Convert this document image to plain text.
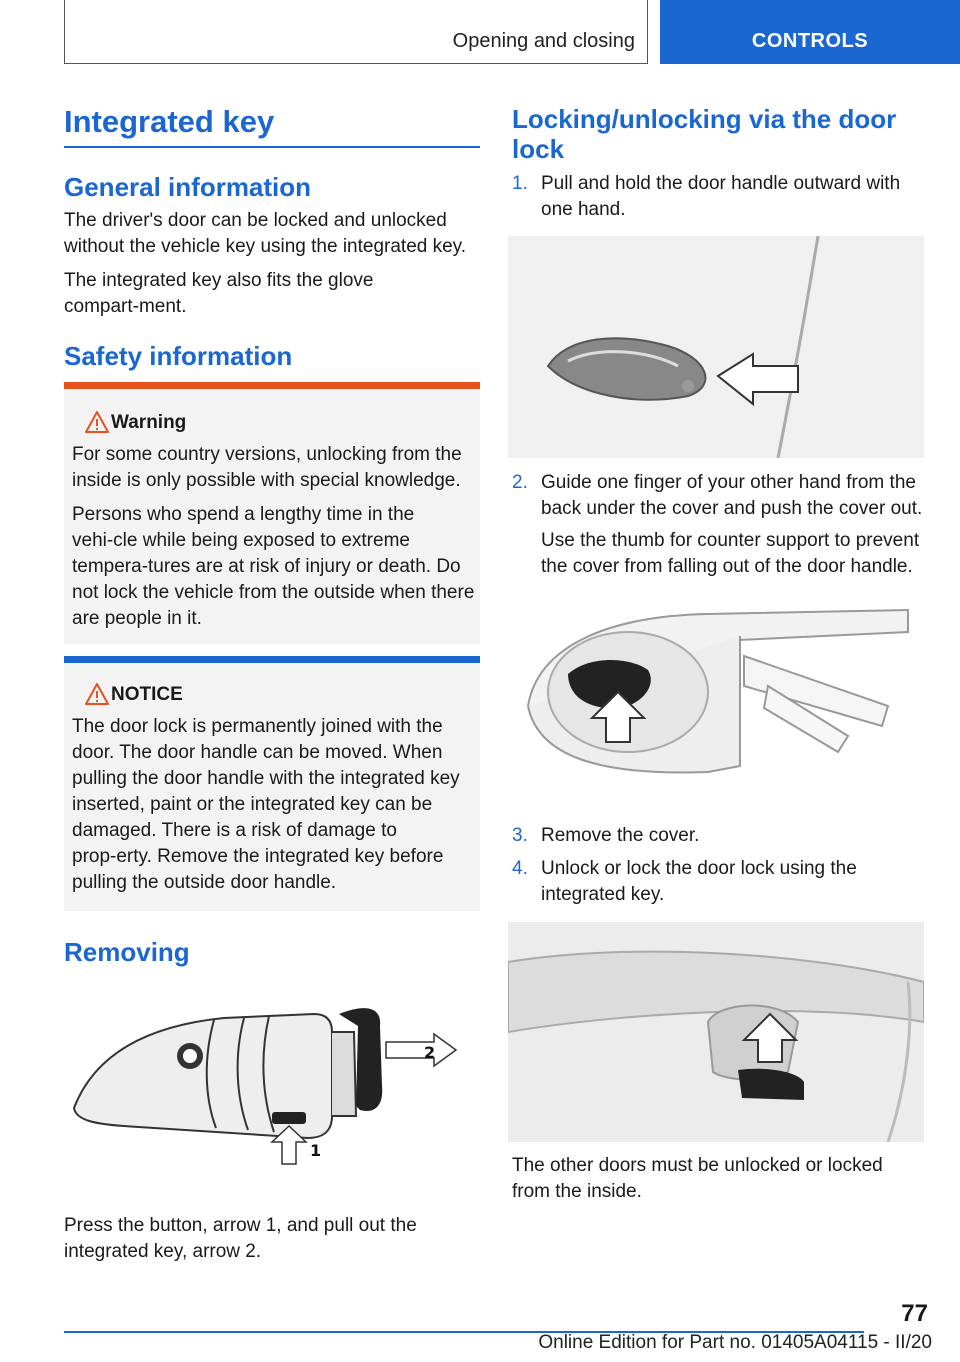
Opening and closing	CONTROLS
Integrated key
General information

The driver's door can be locked and unlocked without the vehicle key using the integrated key.

The integrated key also fits the glove compart‑ment.

Safety information
Warning

For some country versions, unlocking from the inside is only possible with special knowledge.

Persons who spend a lengthy time in the vehi‑cle while being exposed to extreme tempera‑tures are at risk of injury or death. Do not lock the vehicle from the outside when there are people in it.

NOTICE

The door lock is permanently joined with the door. The door handle can be moved. When pulling the door handle with the integrated key inserted, paint or the integrated key can be damaged. There is a risk of damage to prop‑erty. Remove the integrated key before pulling the outside door handle.

Removing
2
1

Press the button, arrow 1, and pull out the integrated key, arrow 2.

Locking/unlocking via the door lock
1. Pull and hold the door handle outward with one hand.
2. Guide one finger of your other hand from the back under the cover and push the cover out.
Use the thumb for counter support to prevent the cover from falling out of the door handle.
3. Remove the cover.
4. Unlock or lock the door lock using the integrated key.

The other doors must be unlocked or locked from the inside.

77
Online Edition for Part no. 01405A04115 - II/20
